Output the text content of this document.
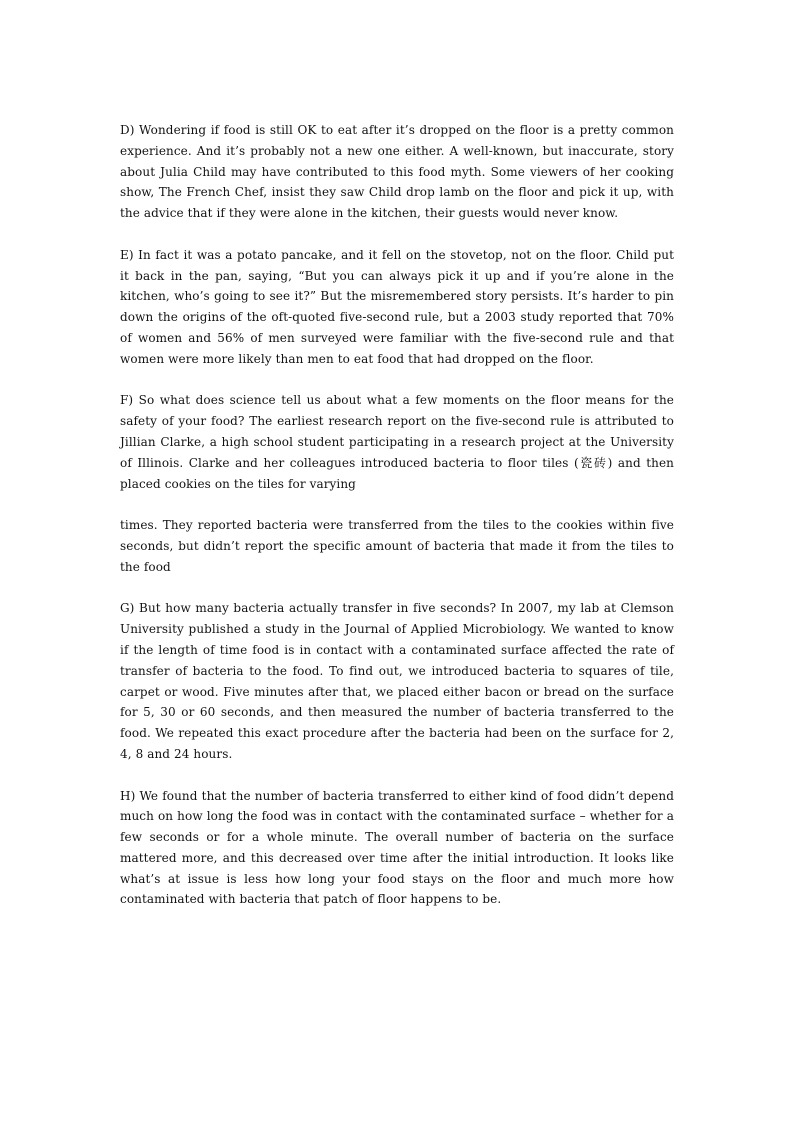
D) Wondering if food is still OK to eat after it’s dropped on the floor is a pretty common experience. And it’s probably not a new one either. A well-known, but inaccurate, story about Julia Child may have contributed to this food myth. Some viewers of her cooking show, The French Chef, insist they saw Child drop lamb on the floor and pick it up, with the advice that if they were alone in the kitchen, their guests would never know.

E) In fact it was a potato pancake, and it fell on the stovetop, not on the floor. Child put it back in the pan, saying, “But you can always pick it up and if you’re alone in the kitchen, who’s going to see it?” But the misremembered story persists. It’s harder to pin down the origins of the oft-quoted five-second rule, but a 2003 study reported that 70% of women and 56% of men surveyed were familiar with the five-second rule and that women were more likely than men to eat food that had dropped on the floor.

F) So what does science tell us about what a few moments on the floor means for the safety of your food? The earliest research report on the five-second rule is attributed to Jillian Clarke, a high school student participating in a research project at the University of Illinois. Clarke and her colleagues introduced bacteria to floor tiles (瓷砖) and then placed cookies on the tiles for varying

times. They reported bacteria were transferred from the tiles to the cookies within five seconds, but didn’t report the specific amount of bacteria that made it from the tiles to the food

G) But how many bacteria actually transfer in five seconds? In 2007, my lab at Clemson University published a study in the Journal of Applied Microbiology. We wanted to know if the length of time food is in contact with a contaminated surface affected the rate of transfer of bacteria to the food. To find out, we introduced bacteria to squares of tile, carpet or wood. Five minutes after that, we placed either bacon or bread on the surface for 5, 30 or 60 seconds, and then measured the number of bacteria transferred to the food. We repeated this exact procedure after the bacteria had been on the surface for 2, 4, 8 and 24 hours.

H) We found that the number of bacteria transferred to either kind of food didn’t depend much on how long the food was in contact with the contaminated surface – whether for a few seconds or for a whole minute. The overall number of bacteria on the surface mattered more, and this decreased over time after the initial introduction. It looks like what’s at issue is less how long your food stays on the floor and much more how contaminated with bacteria that patch of floor happens to be.
